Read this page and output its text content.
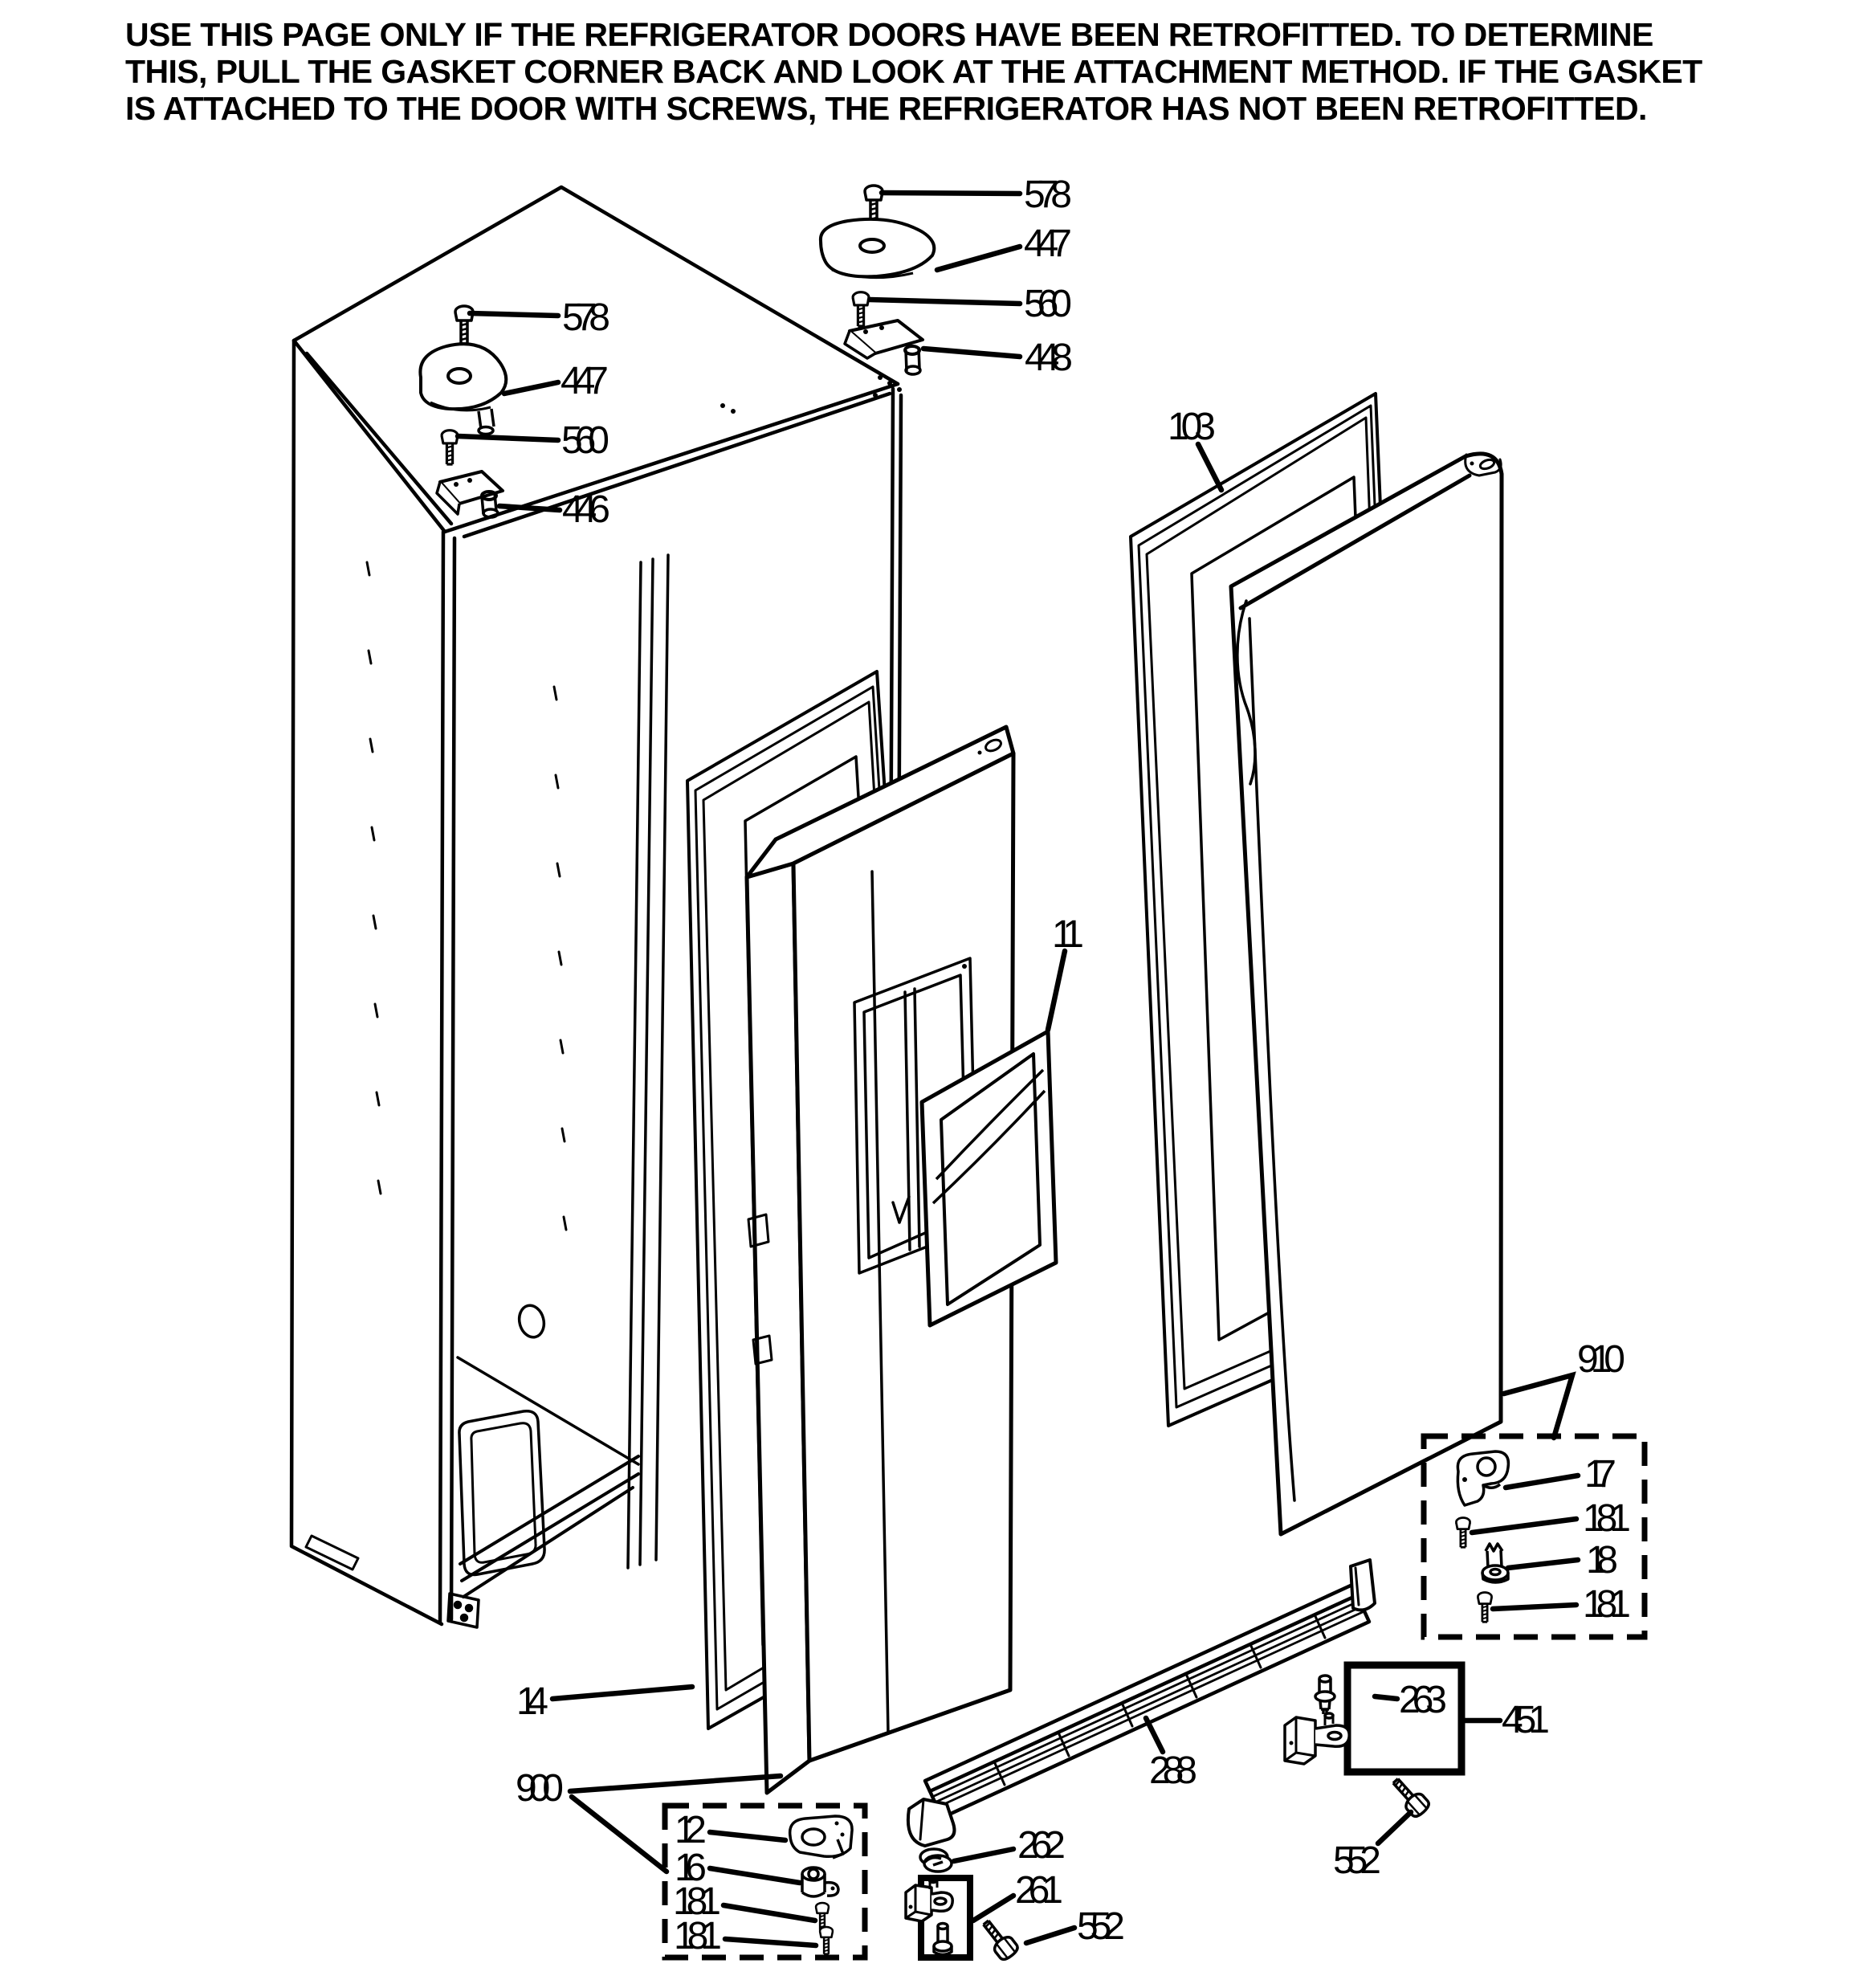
USE THIS PAGE ONLY IF THE REFRIGERATOR DOORS HAVE BEEN RETROFITTED. TO DETERMINE
THIS, PULL THE GASKET CORNER BACK AND LOOK AT THE ATTACHMENT METHOD. IF THE GASKET
IS ATTACHED TO THE DOOR WITH SCREWS, THE REFRIGERATOR HAS NOT BEEN RETROFITTED.
578
447
560
446
578
447
560
448
103
11
910
17
181
18
181
263 451
552
288
14
900
12
16
181
181
262
261
552
